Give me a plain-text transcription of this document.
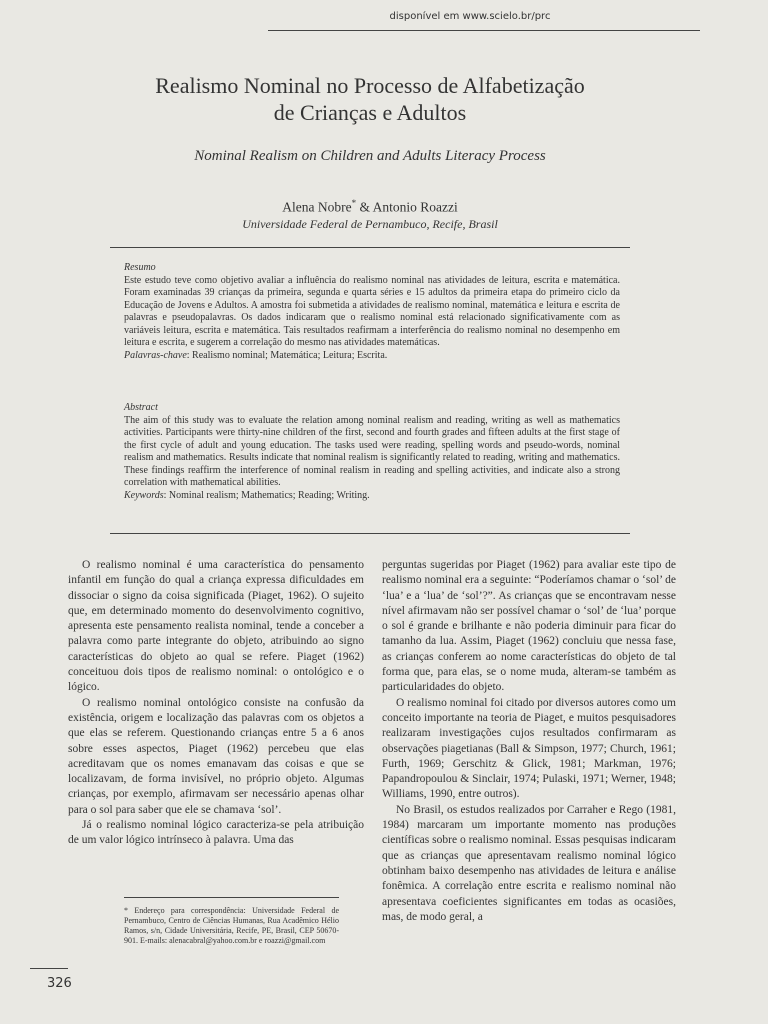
disponível em www.scielo.br/prc
Realismo Nominal no Processo de Alfabetização
de Crianças e Adultos
Nominal Realism on Children and Adults Literacy Process
Alena Nobre* & Antonio Roazzi
Universidade Federal de Pernambuco, Recife, Brasil
Resumo
Este estudo teve como objetivo avaliar a influência do realismo nominal nas atividades de leitura, escrita e matemática. Foram examinadas 39 crianças da primeira, segunda e quarta séries e 15 adultos da primeira etapa do primeiro ciclo da Educação de Jovens e Adultos. A amostra foi submetida a atividades de realismo nominal, matemática e leitura e escrita de palavras e pseudopalavras. Os dados indicaram que o realismo nominal está relacionado significativamente com as variáveis leitura, escrita e matemática. Tais resultados reafirmam a interferência do realismo nominal no desempenho em leitura e escrita, e sugerem a correlação do mesmo nas atividades matemáticas.
Palavras-chave: Realismo nominal; Matemática; Leitura; Escrita.
Abstract
The aim of this study was to evaluate the relation among nominal realism and reading, writing as well as mathematics activities. Participants were thirty-nine children of the first, second and fourth grades and fifteen adults at the first stage of the first cycle of adult and young education. The tasks used were reading, spelling words and pseudo-words, nominal realism and mathematics. Results indicate that nominal realism is significantly related to reading, writing and mathematics. These findings reaffirm the interference of nominal realism in reading and spelling activities, and indicate also a strong correlation with mathematical abilities.
Keywords: Nominal realism; Mathematics; Reading; Writing.

O realismo nominal é uma característica do pensamento infantil em função do qual a criança expressa dificuldades em dissociar o signo da coisa significada (Piaget, 1962). O sujeito que, em determinado momento do desenvolvimento cognitivo, apresenta este pensamento realista nominal, tende a conceber a palavra como parte integrante do objeto, atribuindo ao signo características do objeto ao qual se refere. Piaget (1962) conceituou dois tipos de realismo nominal: o ontológico e o lógico.

O realismo nominal ontológico consiste na confusão da existência, origem e localização das palavras com os objetos a que elas se referem. Questionando crianças entre 5 a 6 anos sobre esses aspectos, Piaget (1962) percebeu que elas acreditavam que os nomes emanavam das coisas e que se localizavam, de forma invisível, no próprio objeto. Algumas crianças, por exemplo, afirmavam ser necessário apenas olhar para o sol para saber que ele se chamava ‘sol’.

Já o realismo nominal lógico caracteriza-se pela atribuição de um valor lógico intrínseco à palavra. Uma das

perguntas sugeridas por Piaget (1962) para avaliar este tipo de realismo nominal era a seguinte: “Poderíamos chamar o ‘sol’ de ‘lua’ e a ‘lua’ de ‘sol’?”. As crianças que se encontravam nesse nível afirmavam não ser possível chamar o ‘sol’ de ‘lua’ porque o sol é grande e brilhante e não poderia diminuir para ficar do tamanho da lua. Assim, Piaget (1962) concluiu que nessa fase, as crianças conferem ao nome características do objeto de tal forma que, para elas, se o nome muda, alteram-se também as particularidades do objeto.

O realismo nominal foi citado por diversos autores como um conceito importante na teoria de Piaget, e muitos pesquisadores realizaram investigações cujos resultados confirmaram as observações piagetianas (Ball & Simpson, 1977; Church, 1961; Furth, 1969; Gerschitz & Glick, 1981; Markman, 1976; Papandropoulou & Sinclair, 1974; Pulaski, 1971; Werner, 1948; Williams, 1990, entre outros).

No Brasil, os estudos realizados por Carraher e Rego (1981, 1984) marcaram um importante momento nas produções científicas sobre o realismo nominal. Essas pesquisas indicaram que as crianças que apresentavam realismo nominal lógico obtinham baixo desempenho nas atividades de leitura e análise fonêmica. A correlação entre escrita e realismo nominal não apresentava coeficientes significantes em todas as ocasiões, mas, de modo geral, a

* Endereço para correspondência: Universidade Federal de Pernambuco, Centro de Ciências Humanas, Rua Acadêmico Hélio Ramos, s/n, Cidade Universitária, Recife, PE, Brasil, CEP 50670-901. E-mails: alenacabral@yahoo.com.br e roazzi@gmail.com
326
